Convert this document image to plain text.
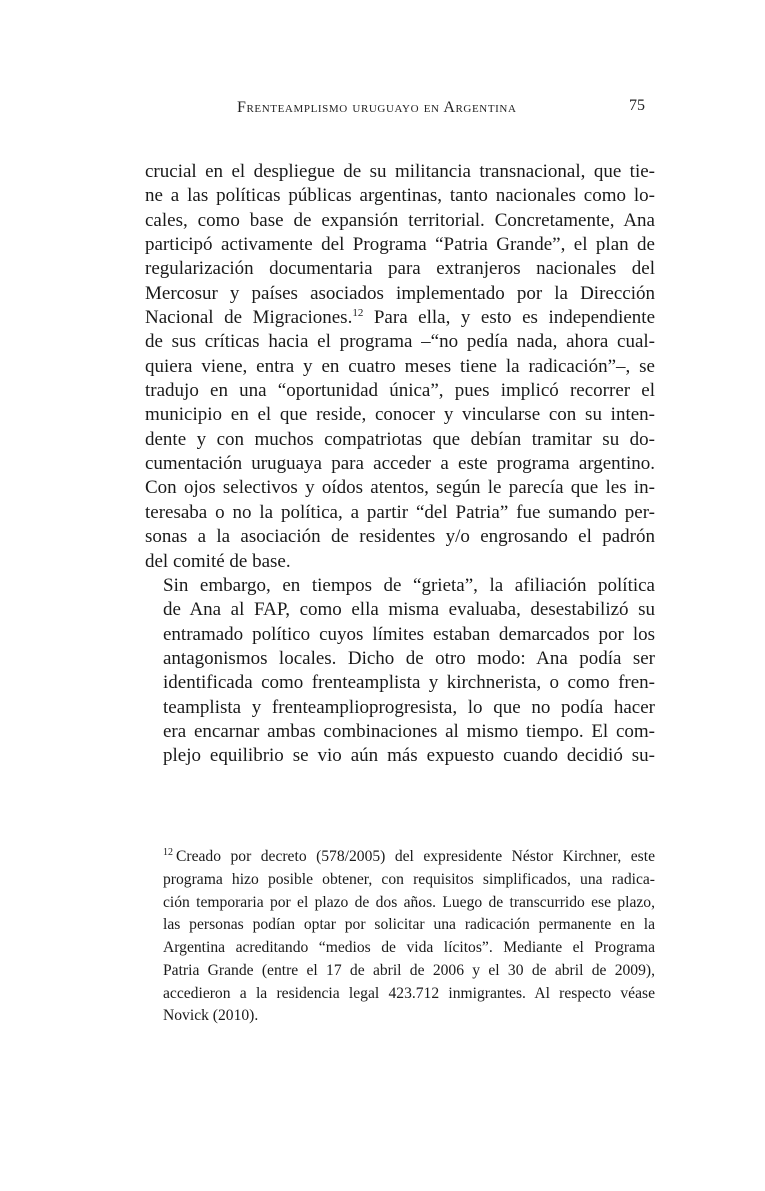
Frenteamplismo uruguayo en Argentina	75

crucial en el despliegue de su militancia transnacional, que tie-
ne a las políticas públicas argentinas, tanto nacionales como lo-
cales, como base de expansión territorial. Concretamente, Ana
participó activamente del Programa “Patria Grande”, el plan de
regularización documentaria para extranjeros nacionales del
Mercosur y países asociados implementado por la Dirección
Nacional de Migraciones.$^{12}$ Para ella, y esto es independiente
de sus críticas hacia el programa –“no pedía nada, ahora cual-
quiera viene, entra y en cuatro meses tiene la radicación”–, se
tradujo en una “oportunidad única”, pues implicó recorrer el
municipio en el que reside, conocer y vincularse con su inten-
dente y con muchos compatriotas que debían tramitar su do-
cumentación uruguaya para acceder a este programa argentino.
Con ojos selectivos y oídos atentos, según le parecía que les in-
teresaba o no la política, a partir “del Patria” fue sumando per-
sonas a la asociación de residentes y/o engrosando el padrón
del comité de base.

Sin embargo, en tiempos de “grieta”, la afiliación política
de Ana al FAP, como ella misma evaluaba, desestabilizó su
entramado político cuyos límites estaban demarcados por los
antagonismos locales. Dicho de otro modo: Ana podía ser
identificada como frenteamplista y kirchnerista, o como fren-
teamplista y frenteamplioprogresista, lo que no podía hacer
era encarnar ambas combinaciones al mismo tiempo. El com-
plejo equilibrio se vio aún más expuesto cuando decidió su-

$^{12}$ Creado por decreto (578/2005) del expresidente Néstor Kirchner, este
programa hizo posible obtener, con requisitos simplificados, una radica-
ción temporaria por el plazo de dos años. Luego de transcurrido ese plazo,
las personas podían optar por solicitar una radicación permanente en la
Argentina acreditando “medios de vida lícitos”. Mediante el Programa
Patria Grande (entre el 17 de abril de 2006 y el 30 de abril de 2009),
accedieron a la residencia legal 423.712 inmigrantes. Al respecto véase
Novick (2010).
